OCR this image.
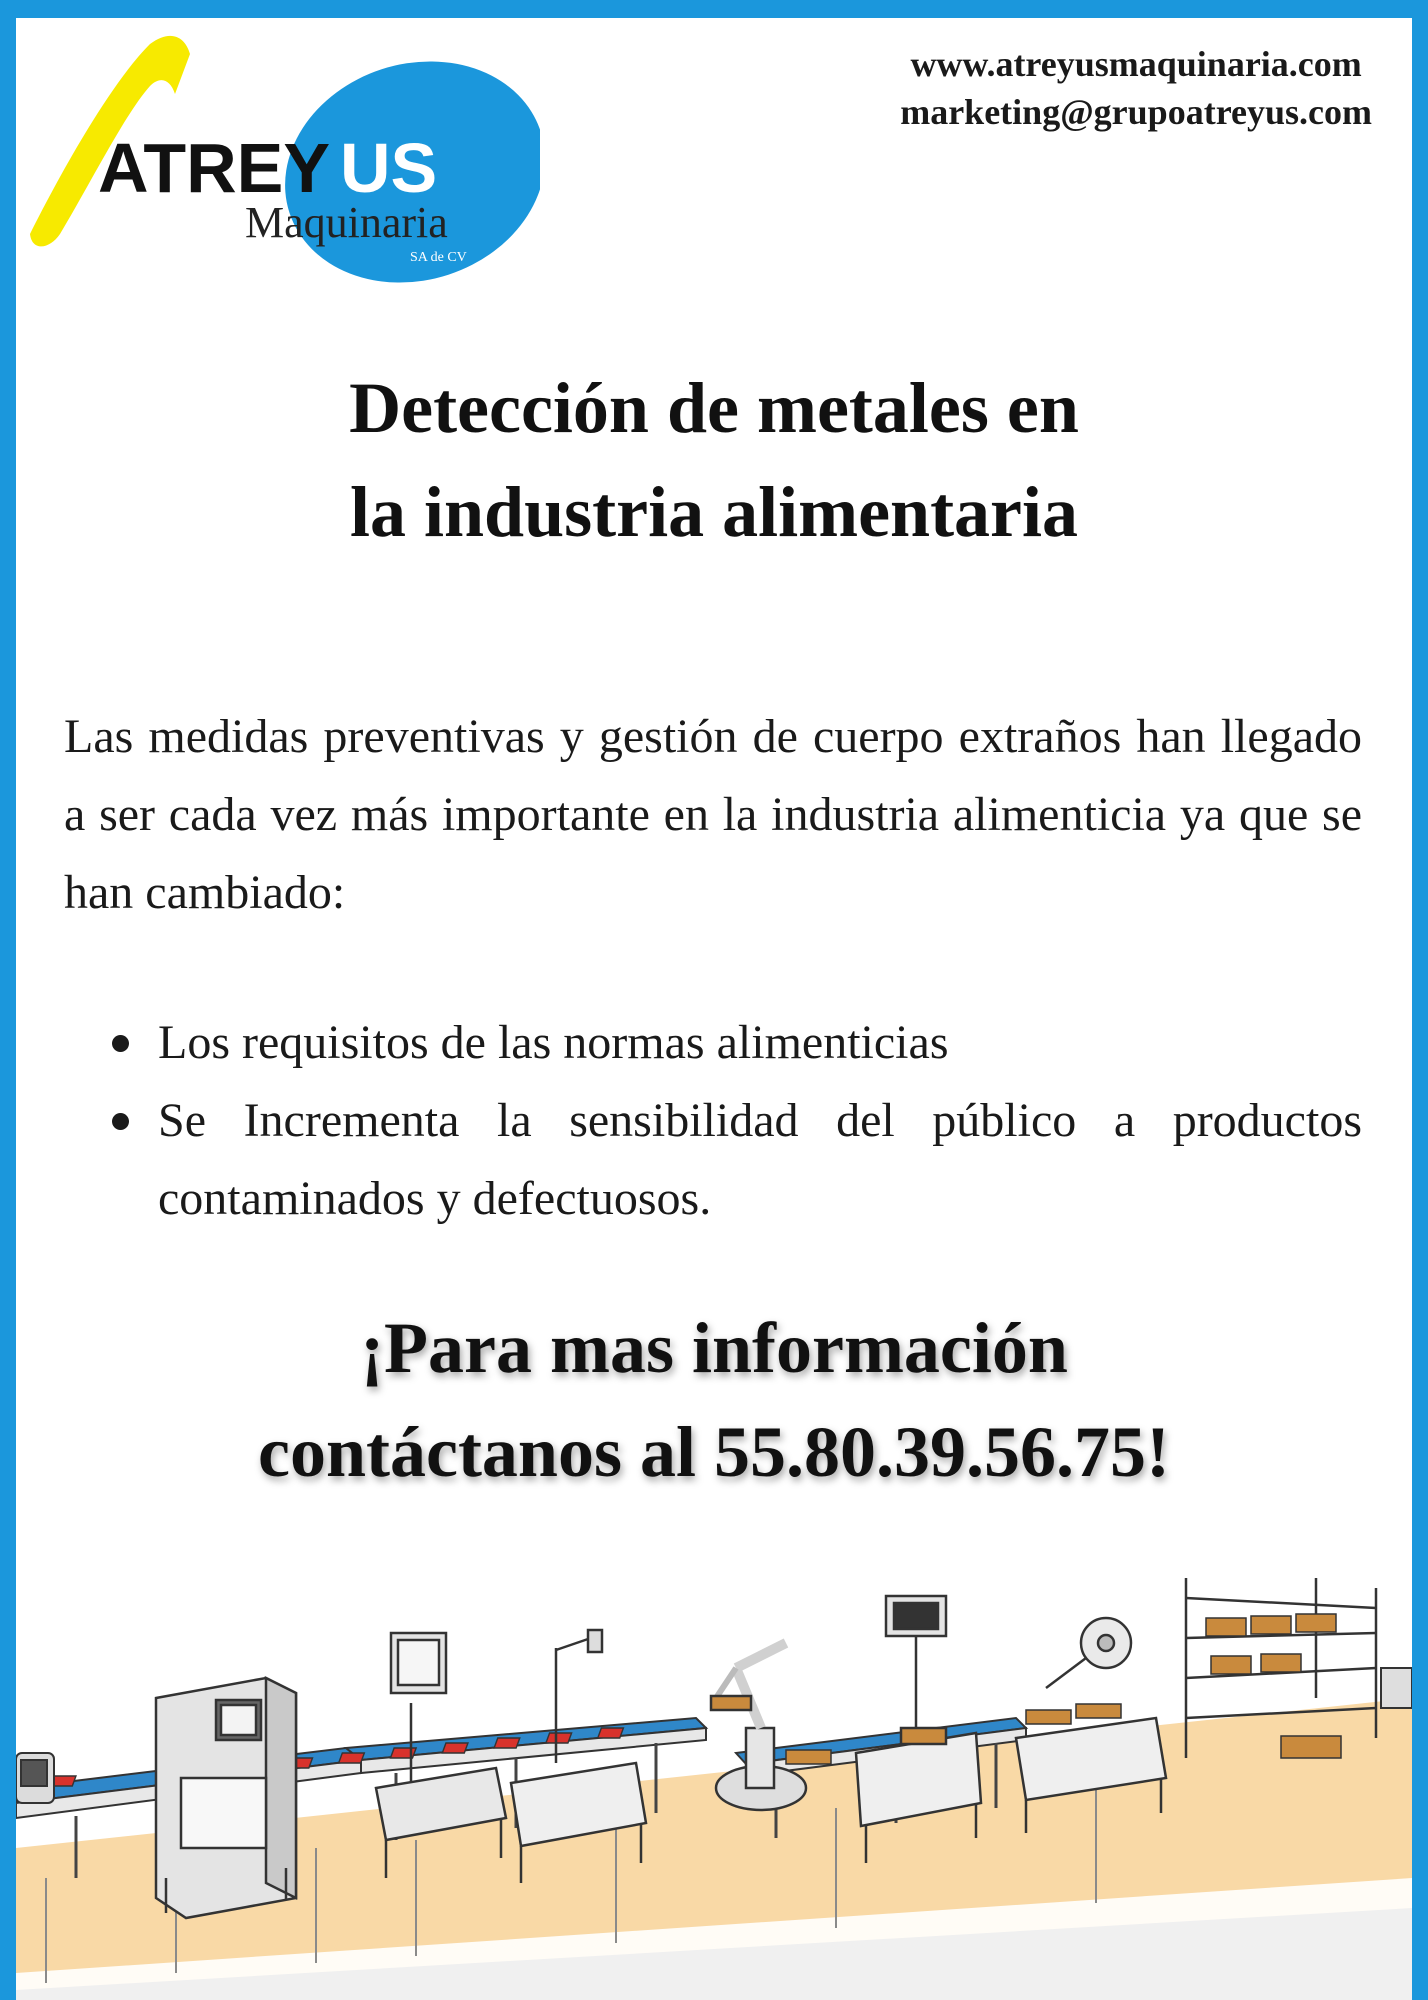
ATREY US
Maquinaria
SA de CV
www.atreyusmaquinaria.com
marketing@grupoatreyus.com
Detección de metales en
la industria alimentaria

Las medidas preventivas y gestión de cuerpo extraños han llegado a ser cada vez más importante en la industria alimenticia ya que se han cambiado:

Los requisitos de las normas alimenticias
Se Incrementa la sensibilidad del público a productos contaminados y defectuosos.
¡Para mas información
contáctanos al 55.80.39.56.75!
